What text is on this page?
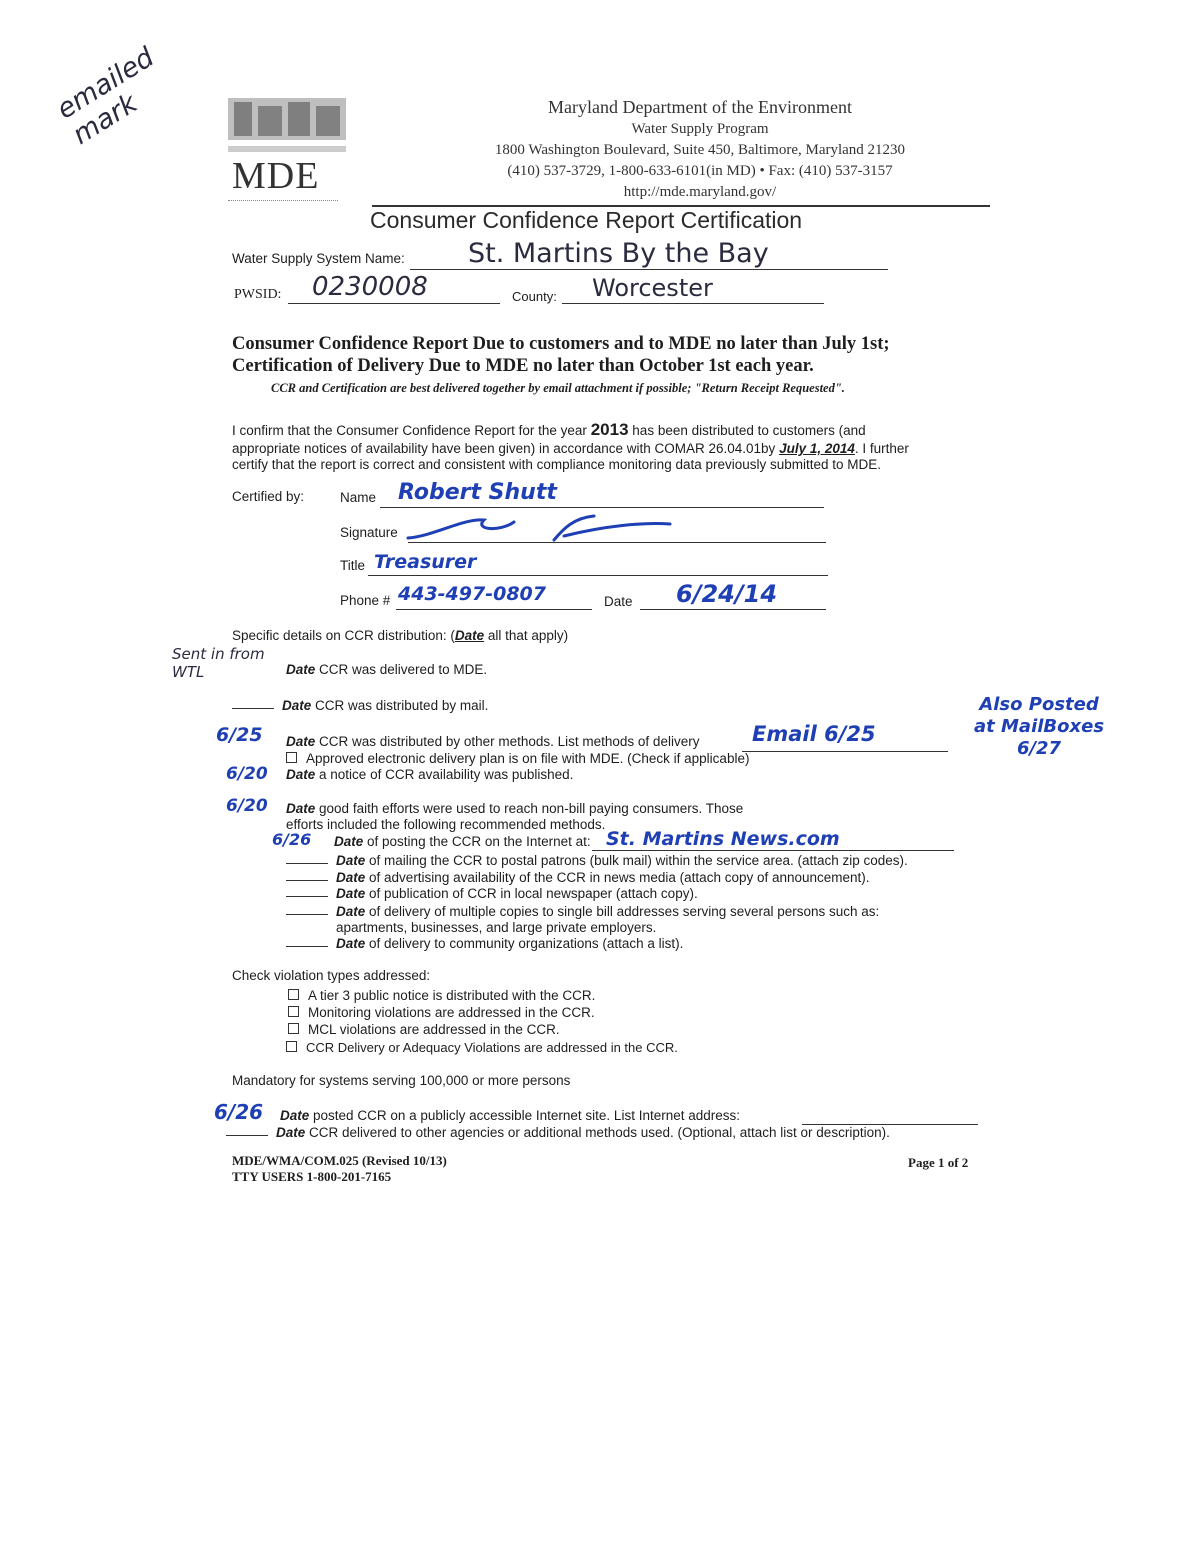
emailed mark
MDE
Maryland Department of the Environment
Water Supply Program
1800 Washington Boulevard, Suite 450, Baltimore, Maryland 21230
(410) 537-3729, 1-800-633-6101(in MD) • Fax: (410) 537-3157
http://mde.maryland.gov/
Consumer Confidence Report Certification
Water Supply System Name: St. Martins By the Bay
PWSID: 0230008	County: Worcester
Consumer Confidence Report Due to customers and to MDE no later than July 1st;
Certification of Delivery Due to MDE no later than October 1st each year.
CCR and Certification are best delivered together by email attachment if possible; "Return Receipt Requested".
I confirm that the Consumer Confidence Report for the year 2013 has been distributed to customers (and
appropriate notices of availability have been given) in accordance with COMAR 26.04.01by July 1, 2014. I further
certify that the report is correct and consistent with compliance monitoring data previously submitted to MDE.
Certified by:	Name Robert Shutt
Signature
Title Treasurer
Phone # 443-497-0807	Date 6/24/14
Specific details on CCR distribution: (Date all that apply)
Sent in from WTL	Date CCR was delivered to MDE.
Date CCR was distributed by mail.
6/25 Date CCR was distributed by other methods. List methods of delivery	Email 6/25
Also Posted
at MailBoxes
6/27
Approved electronic delivery plan is on file with MDE. (Check if applicable)
6/20 Date a notice of CCR availability was published.
6/20 Date good faith efforts were used to reach non-bill paying consumers. Those
efforts included the following recommended methods.
6/26 Date of posting the CCR on the Internet at: St. Martins News.com
Date of mailing the CCR to postal patrons (bulk mail) within the service area. (attach zip codes).
Date of advertising availability of the CCR in news media (attach copy of announcement).
Date of publication of CCR in local newspaper (attach copy).
Date of delivery of multiple copies to single bill addresses serving several persons such as:
apartments, businesses, and large private employers.
Date of delivery to community organizations (attach a list).
Check violation types addressed:
A tier 3 public notice is distributed with the CCR.
Monitoring violations are addressed in the CCR.
MCL violations are addressed in the CCR.
CCR Delivery or Adequacy Violations are addressed in the CCR.
Mandatory for systems serving 100,000 or more persons
6/26 Date posted CCR on a publicly accessible Internet site. List Internet address:
Date CCR delivered to other agencies or additional methods used. (Optional, attach list or description).
MDE/WMA/COM.025 (Revised 10/13)
TTY USERS 1-800-201-7165
Page 1 of 2
